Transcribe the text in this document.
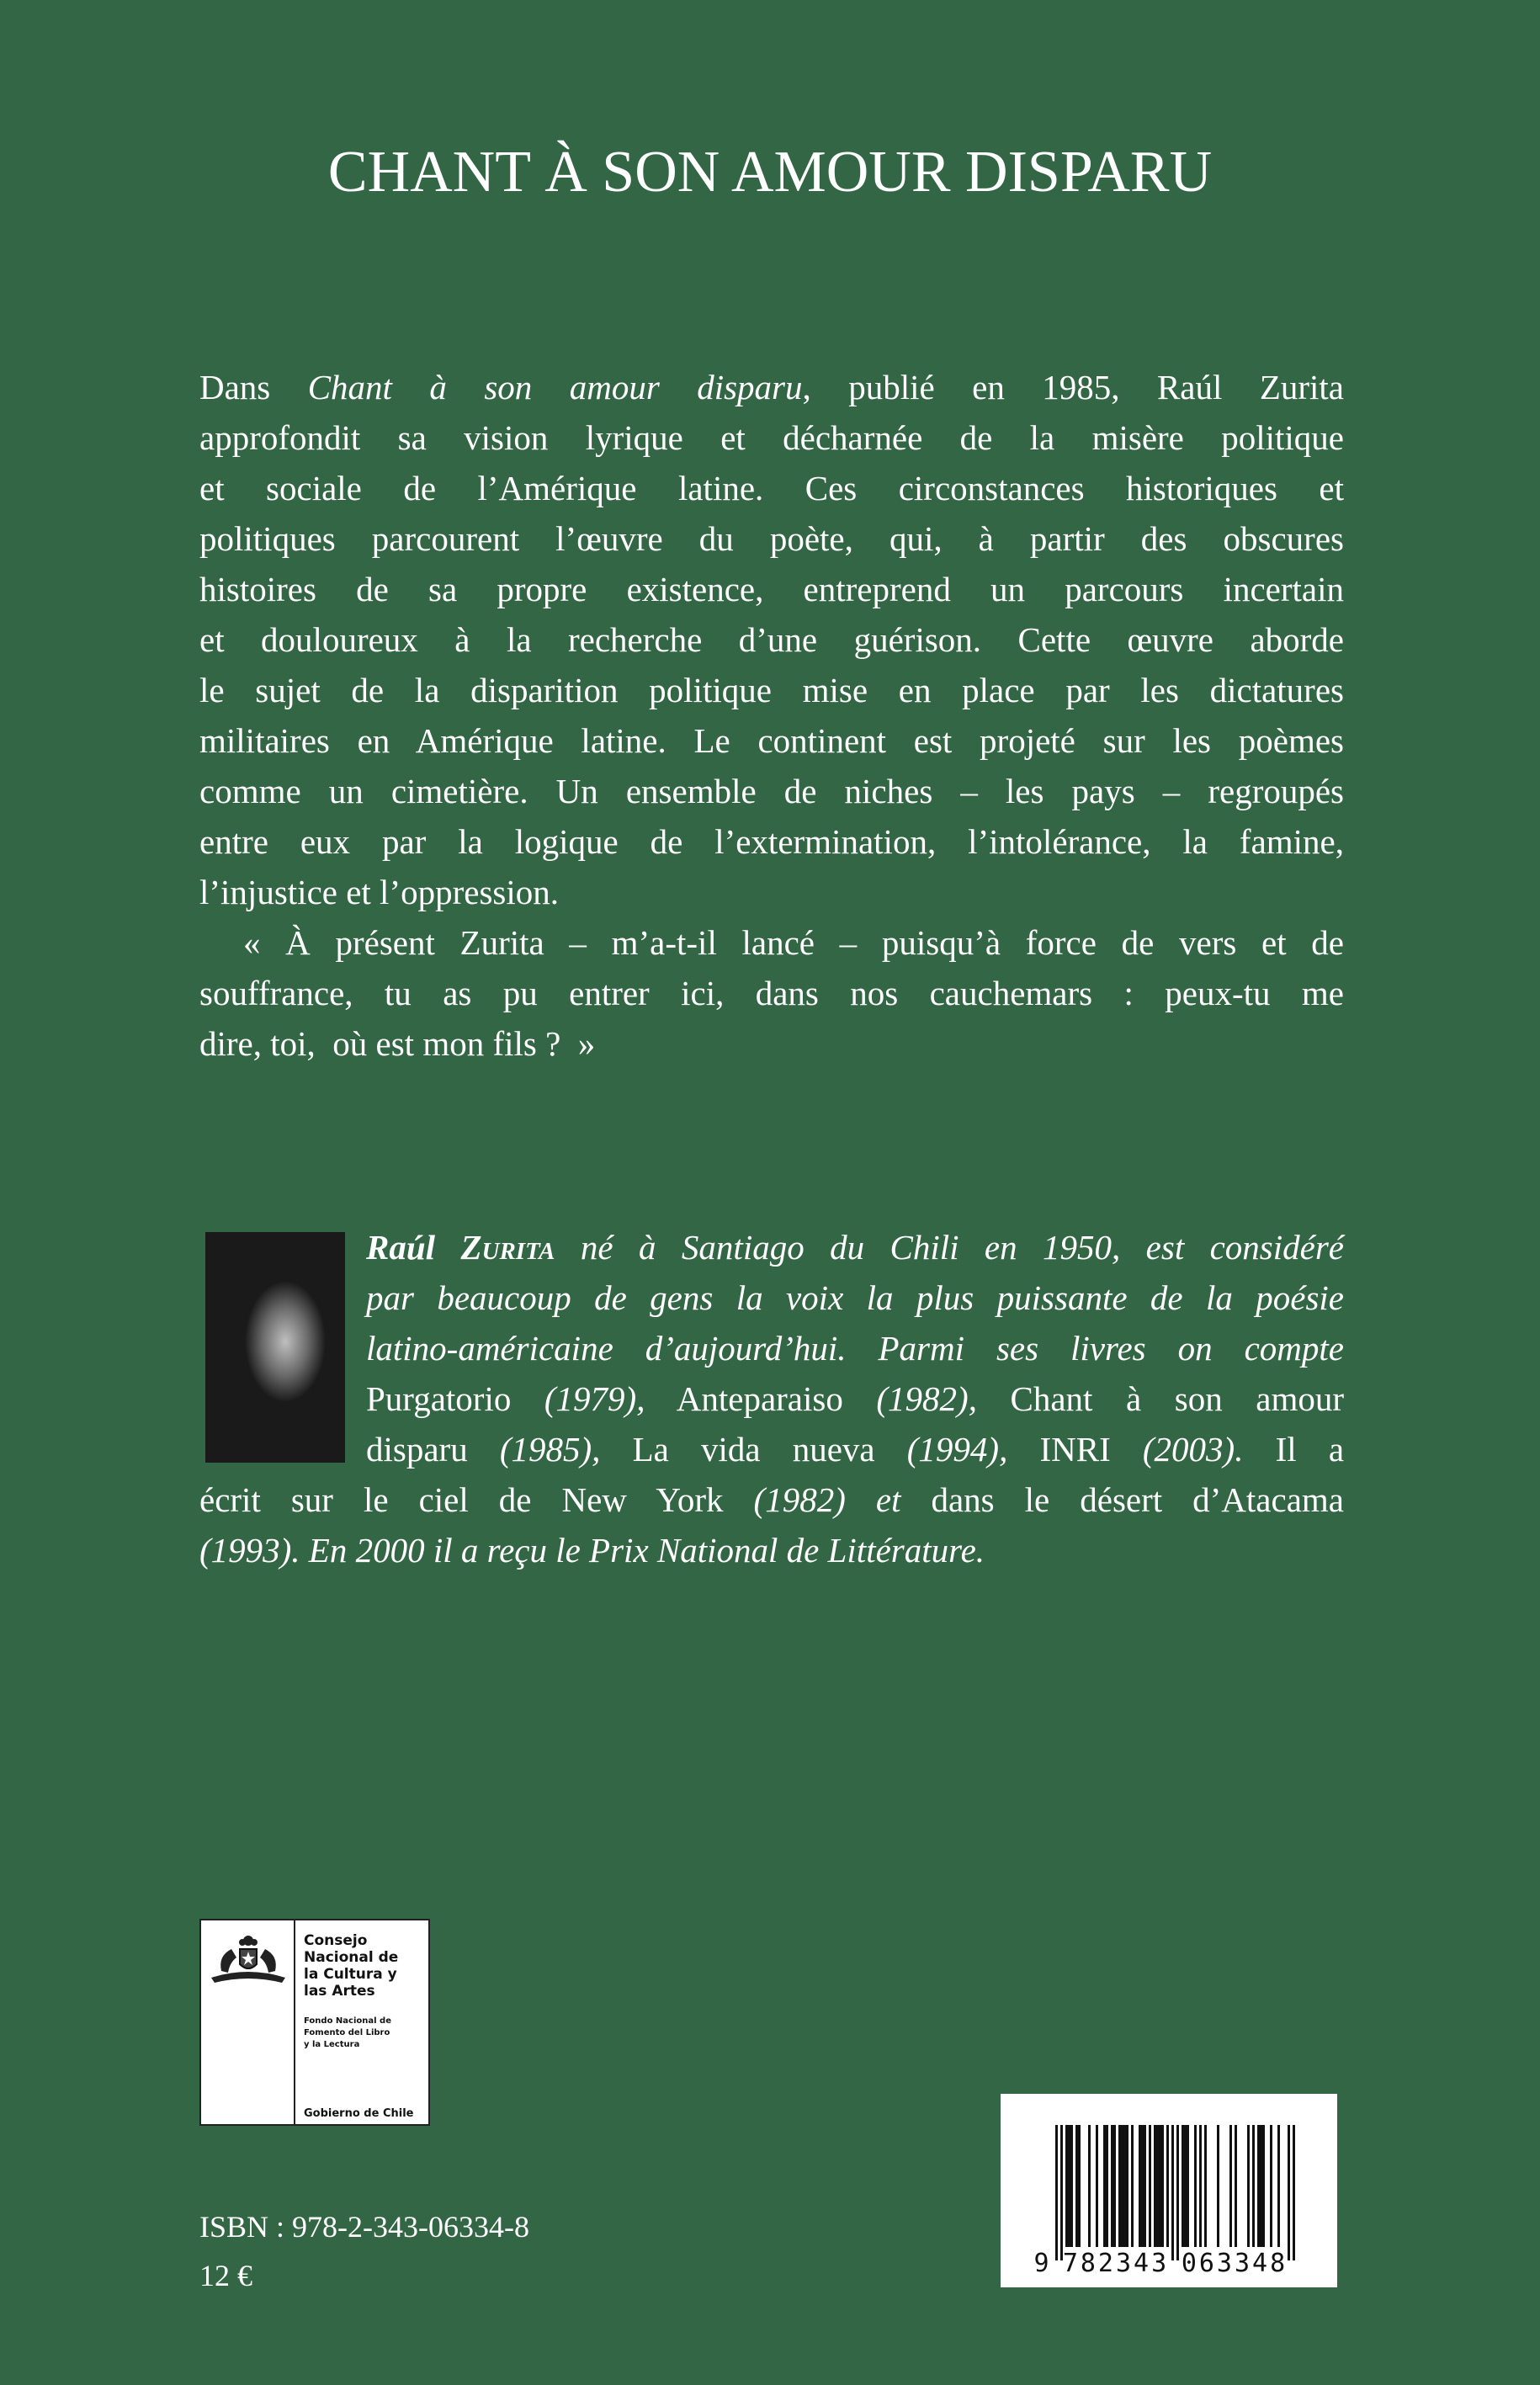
CHANT À SON AMOUR DISPARU
Dans Chant à son amour disparu, publié en 1985, Raúl Zurita
approfondit sa vision lyrique et décharnée de la misère politique
et sociale de l’Amérique latine. Ces circonstances historiques et
politiques parcourent l’œuvre du poète, qui, à partir des obscures
histoires de sa propre existence, entreprend un parcours incertain
et douloureux à la recherche d’une guérison. Cette œuvre aborde
le sujet de la disparition politique mise en place par les dictatures
militaires en Amérique latine. Le continent est projeté sur les poèmes
comme un cimetière. Un ensemble de niches – les pays – regroupés
entre eux par la logique de l’extermination, l’intolérance, la famine,
l’injustice et l’oppression.
« À présent Zurita – m’a-t-il lancé – puisqu’à force de vers et de
souffrance, tu as pu entrer ici, dans nos cauchemars : peux-tu me
dire, toi,  où est mon fils ?  »
Raúl Zurita né à Santiago du Chili en 1950, est considéré
par beaucoup de gens la voix la plus puissante de la poésie
latino-américaine d’aujourd’hui. Parmi ses livres on compte
Purgatorio (1979), Anteparaiso (1982), Chant à son amour
disparu (1985), La vida nueva (1994), INRI (2003). Il a
écrit sur le ciel de New York (1982) et dans le désert d’Atacama
(1993). En 2000 il a reçu le Prix National de Littérature.
Consejo
Nacional de
la Cultura y
las Artes
Fondo Nacional de
Fomento del Libro
y la Lectura
Gobierno de Chile
9 782343 063348
ISBN : 978-2-343-06334-8
12 €
